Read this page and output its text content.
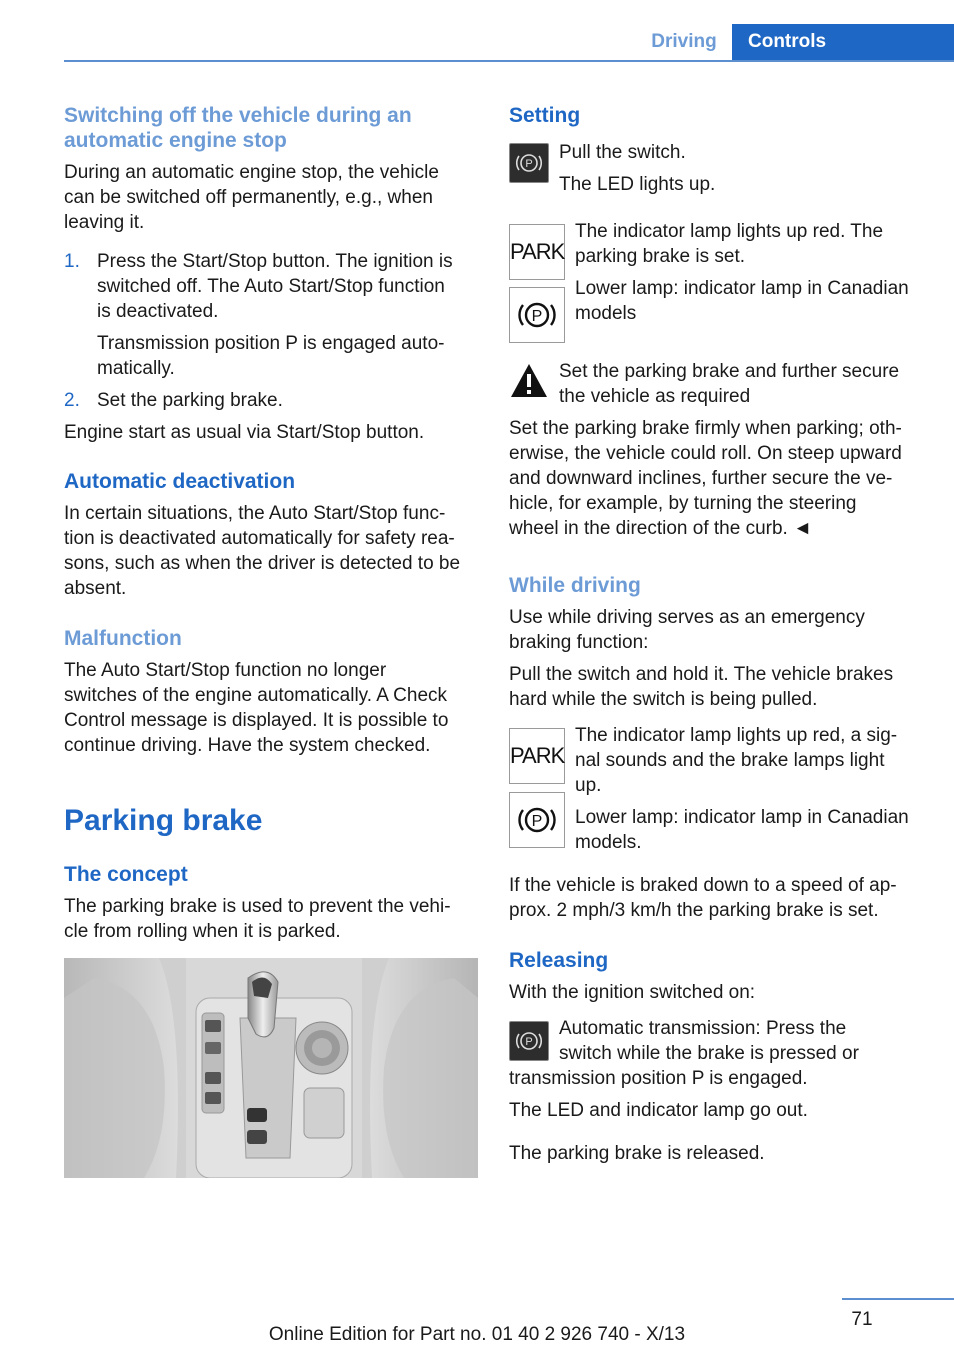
Driving	Controls
Switching off the vehicle during an
automatic engine stop
During an automatic engine stop, the vehicle
can be switched off permanently, e.g., when
leaving it.
1. Press the Start/Stop button. The ignition is
switched off. The Auto Start/Stop function
is deactivated.
Transmission position P is engaged auto-
matically.
2. Set the parking brake.
Engine start as usual via Start/Stop button.
Automatic deactivation
In certain situations, the Auto Start/Stop func-
tion is deactivated automatically for safety rea-
sons, such as when the driver is detected to be
absent.
Malfunction
The Auto Start/Stop function no longer
switches of the engine automatically. A Check
Control message is displayed. It is possible to
continue driving. Have the system checked.
Parking brake
The concept
The parking brake is used to prevent the vehi-
cle from rolling when it is parked.
Setting
P
Pull the switch.
The LED lights up.
PARK
The indicator lamp lights up red. The
parking brake is set.
P
Lower lamp: indicator lamp in Canadian
models
Set the parking brake and further secure
the vehicle as required
Set the parking brake firmly when parking; oth-
erwise, the vehicle could roll. On steep upward
and downward inclines, further secure the ve-
hicle, for example, by turning the steering
wheel in the direction of the curb. ◄
While driving
Use while driving serves as an emergency
braking function:
Pull the switch and hold it. The vehicle brakes
hard while the switch is being pulled.
PARK
The indicator lamp lights up red, a sig-
nal sounds and the brake lamps light
up.
P Lower lamp: indicator lamp in Canadian
models.
If the vehicle is braked down to a speed of ap-
prox. 2 mph/3 km/h the parking brake is set.
Releasing
With the ignition switched on:
P
Automatic transmission: Press the
switch while the brake is pressed or
transmission position P is engaged.
The LED and indicator lamp go out.
The parking brake is released.
71
Online Edition for Part no. 01 40 2 926 740 - X/13
